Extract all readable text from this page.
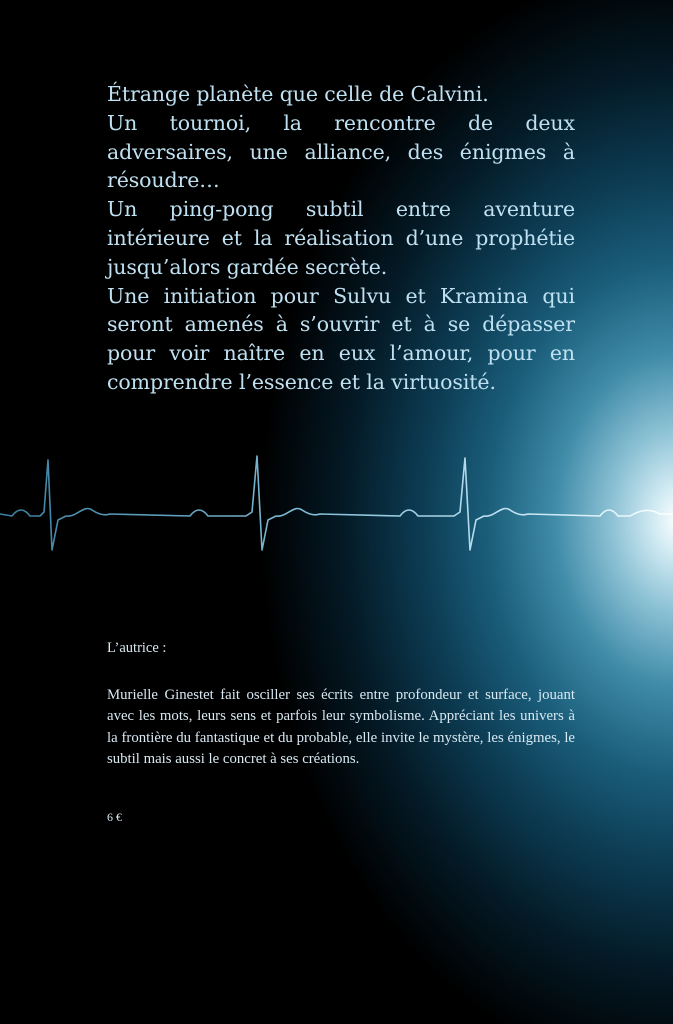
Étrange planète que celle de Calvini.

Un tournoi, la rencontre de deux adversaires, une alliance, des énigmes à résoudre…

Un ping-pong subtil entre aventure intérieure et la réalisation d’une prophétie jusqu’alors gardée secrète.

Une initiation pour Sulvu et Kramina qui seront amenés à s’ouvrir et à se dépasser pour voir naître en eux l’amour, pour en comprendre l’essence et la virtuosité.

L’autrice :

Murielle Ginestet fait osciller ses écrits entre profondeur et surface, jouant avec les mots, leurs sens et parfois leur symbolisme. Appréciant les univers à la frontière du fantastique et du probable, elle invite le mystère, les énigmes, le subtil mais aussi le concret à ses créations.

6 €
